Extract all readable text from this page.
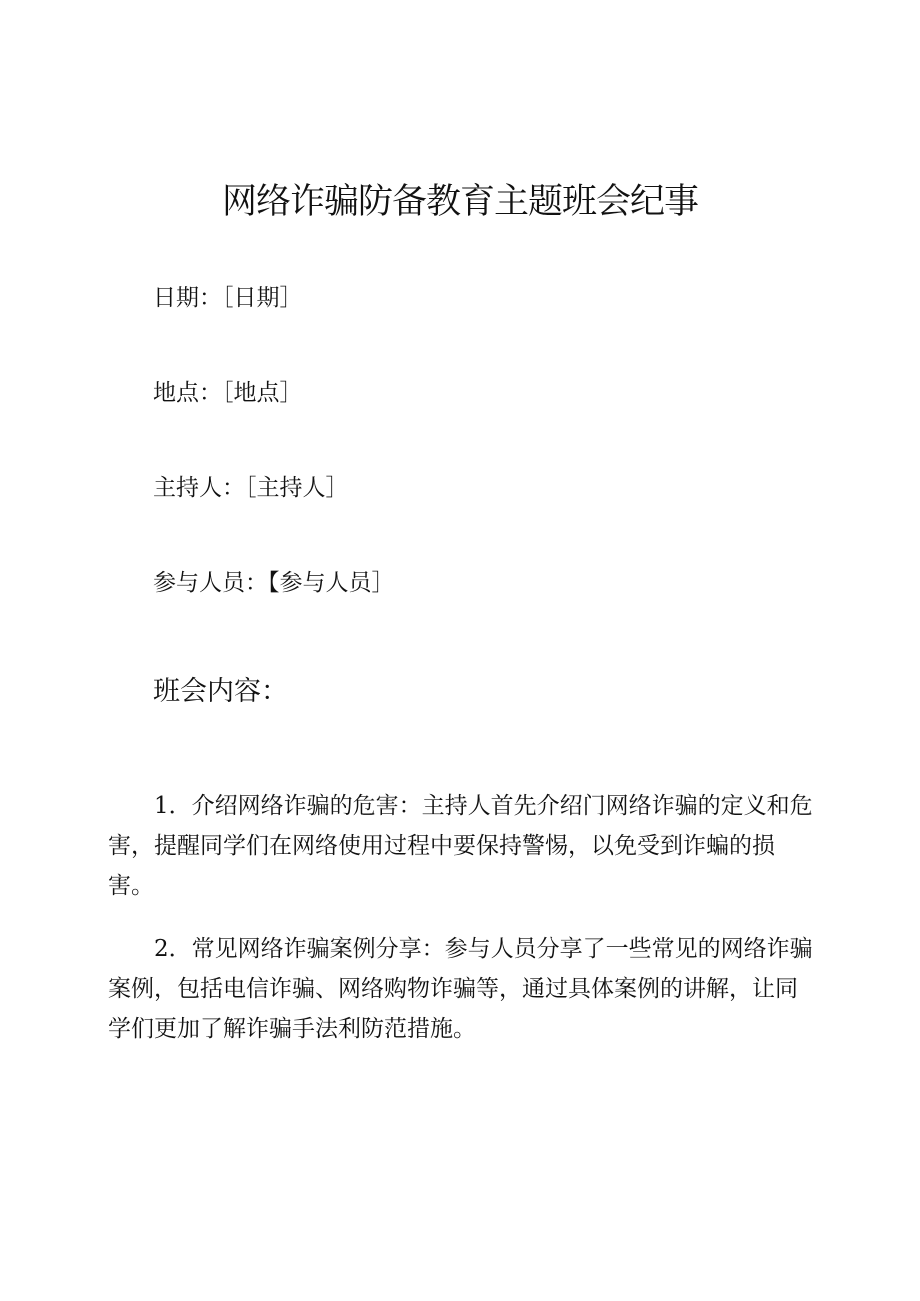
网络诈骗防备教育主题班会纪事
日期：［日期］
地点：［地点］
主持人：［主持人］
参与人员：【参与人员］
班会内容：

1．介绍网络诈骗的危害：主持人首先介绍门网络诈骗的定义和危害，提醒同学们在网络使用过程中要保持警惕，以免受到诈蝙的损害。

2．常见网络诈骗案例分享：参与人员分享了一些常见的网络诈骗案例，包括电信诈骗、网络购物诈骗等，通过具体案例的讲解，让同学们更加了解诈骗手法利防范措施。
